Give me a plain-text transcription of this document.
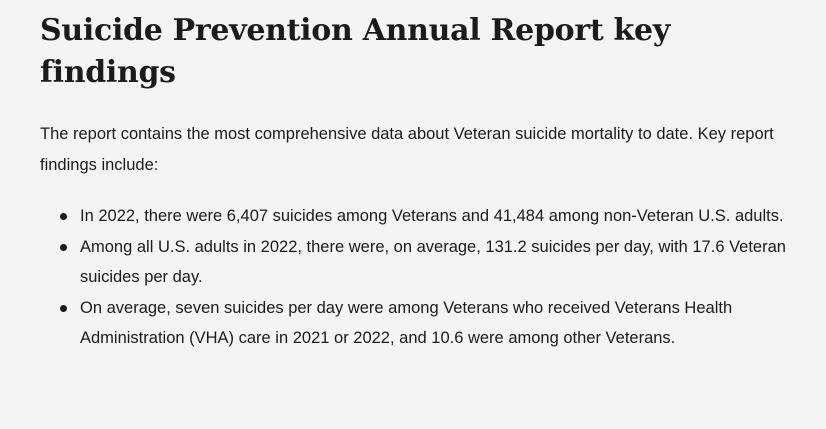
Suicide Prevention Annual Report key findings

The report contains the most comprehensive data about Veteran suicide mortality to date. Key report findings include:

In 2022, there were 6,407 suicides among Veterans and 41,484 among non-Veteran U.S. adults.
Among all U.S. adults in 2022, there were, on average, 131.2 suicides per day, with 17.6 Veteran suicides per day.
On average, seven suicides per day were among Veterans who received Veterans Health Administration (VHA) care in 2021 or 2022, and 10.6 were among other Veterans.
